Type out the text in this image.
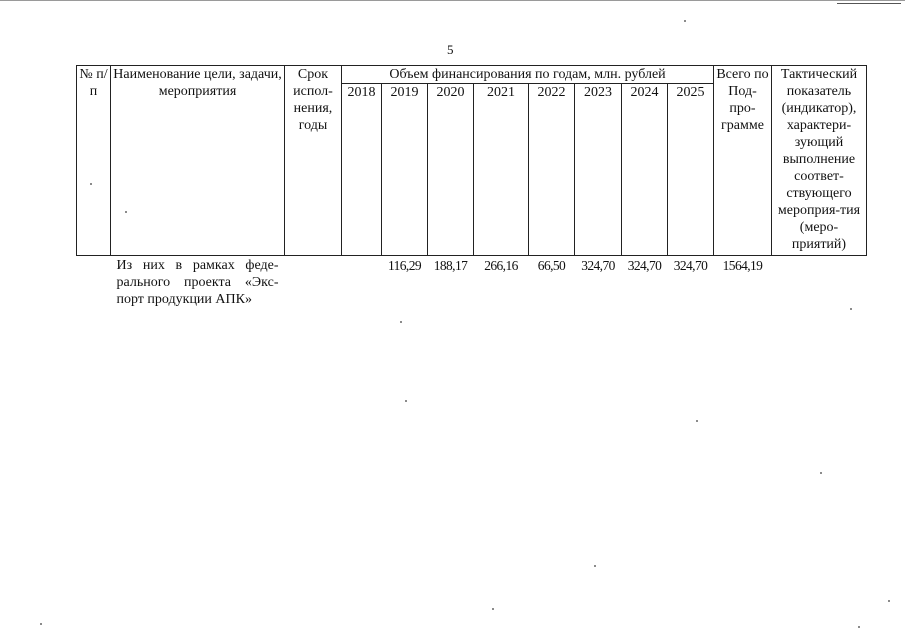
5
№ п/п	Наименование цели, задачи, мероприятия	Срок испол-нения, годы	Объем финансирования по годам, млн. рублей								Всего по Под-про-грамме	Тактический показатель (индикатор), характери-зующий выполнение соответ-ствующего мероприя-тия (меро-приятий)
			2018	2019	2020	2021	2022	2023	2024	2025		
	Из них в рамках феде-рального проекта «Экс-порт продукции АПК»			116,29	188,17	266,16	66,50	324,70	324,70	324,70	1564,19	
